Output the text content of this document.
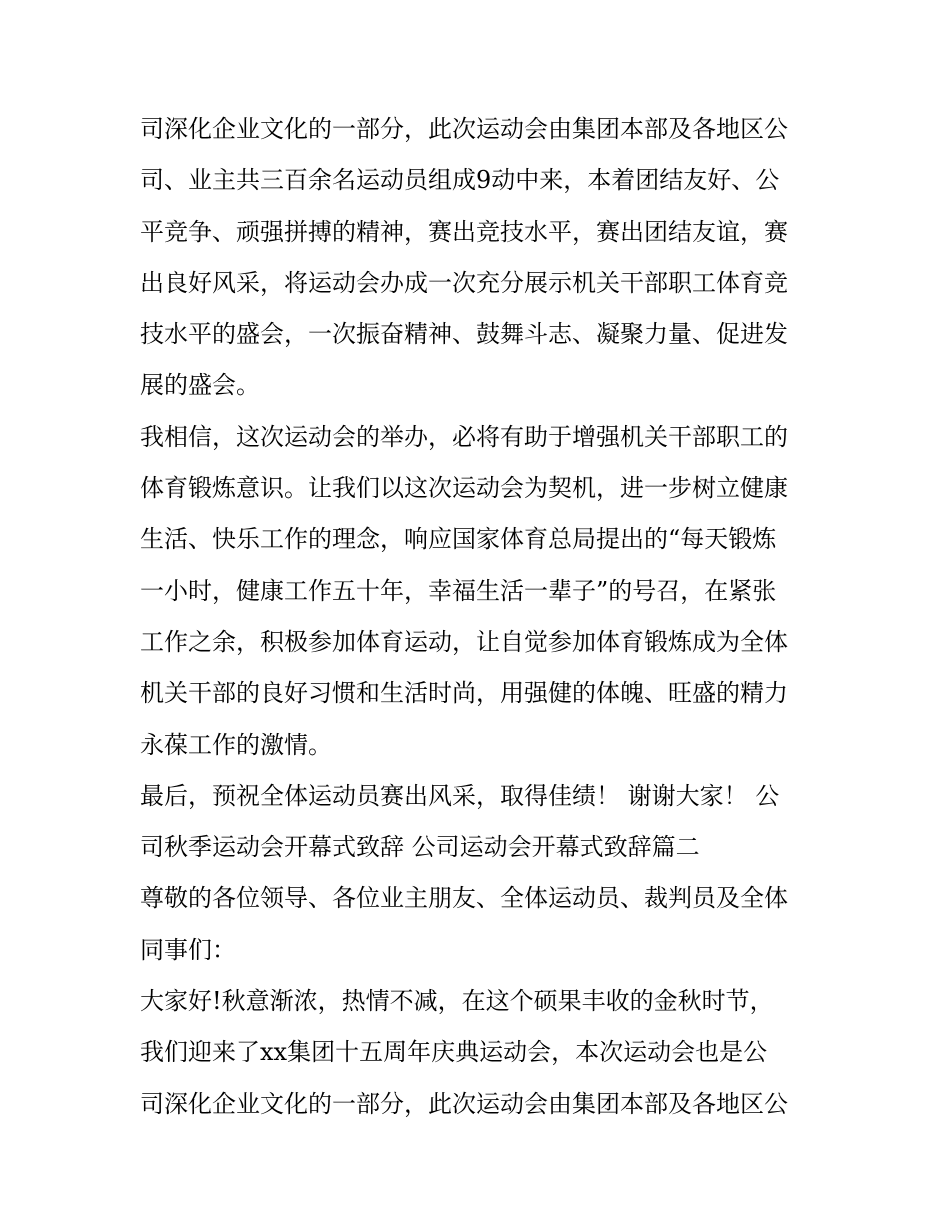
司深化企业文化的一部分，此次运动会由集团本部及各地区公
司、业主共三百余名运动员组成9动中来，本着团结友好、公
平竞争、顽强拼搏的精神，赛出竞技水平，赛出团结友谊，赛
出良好风采，将运动会办成一次充分展示机关干部职工体育竞
技水平的盛会，一次振奋精神、鼓舞斗志、凝聚力量、促进发
展的盛会。
我相信，这次运动会的举办，必将有助于增强机关干部职工的
体育锻炼意识。让我们以这次运动会为契机，进一步树立健康
生活、快乐工作的理念，响应国家体育总局提出的“每天锻炼
一小时，健康工作五十年，幸福生活一辈子”的号召，在紧张
工作之余，积极参加体育运动，让自觉参加体育锻炼成为全体
机关干部的良好习惯和生活时尚，用强健的体魄、旺盛的精力
永葆工作的激情。
最后，预祝全体运动员赛出风采，取得佳绩！ 谢谢大家！ 公
司秋季运动会开幕式致辞 公司运动会开幕式致辞篇二
尊敬的各位领导、各位业主朋友、全体运动员、裁判员及全体
同事们：
大家好!秋意渐浓，热情不减，在这个硕果丰收的金秋时节，
我们迎来了xx集团十五周年庆典运动会，本次运动会也是公
司深化企业文化的一部分，此次运动会由集团本部及各地区公
